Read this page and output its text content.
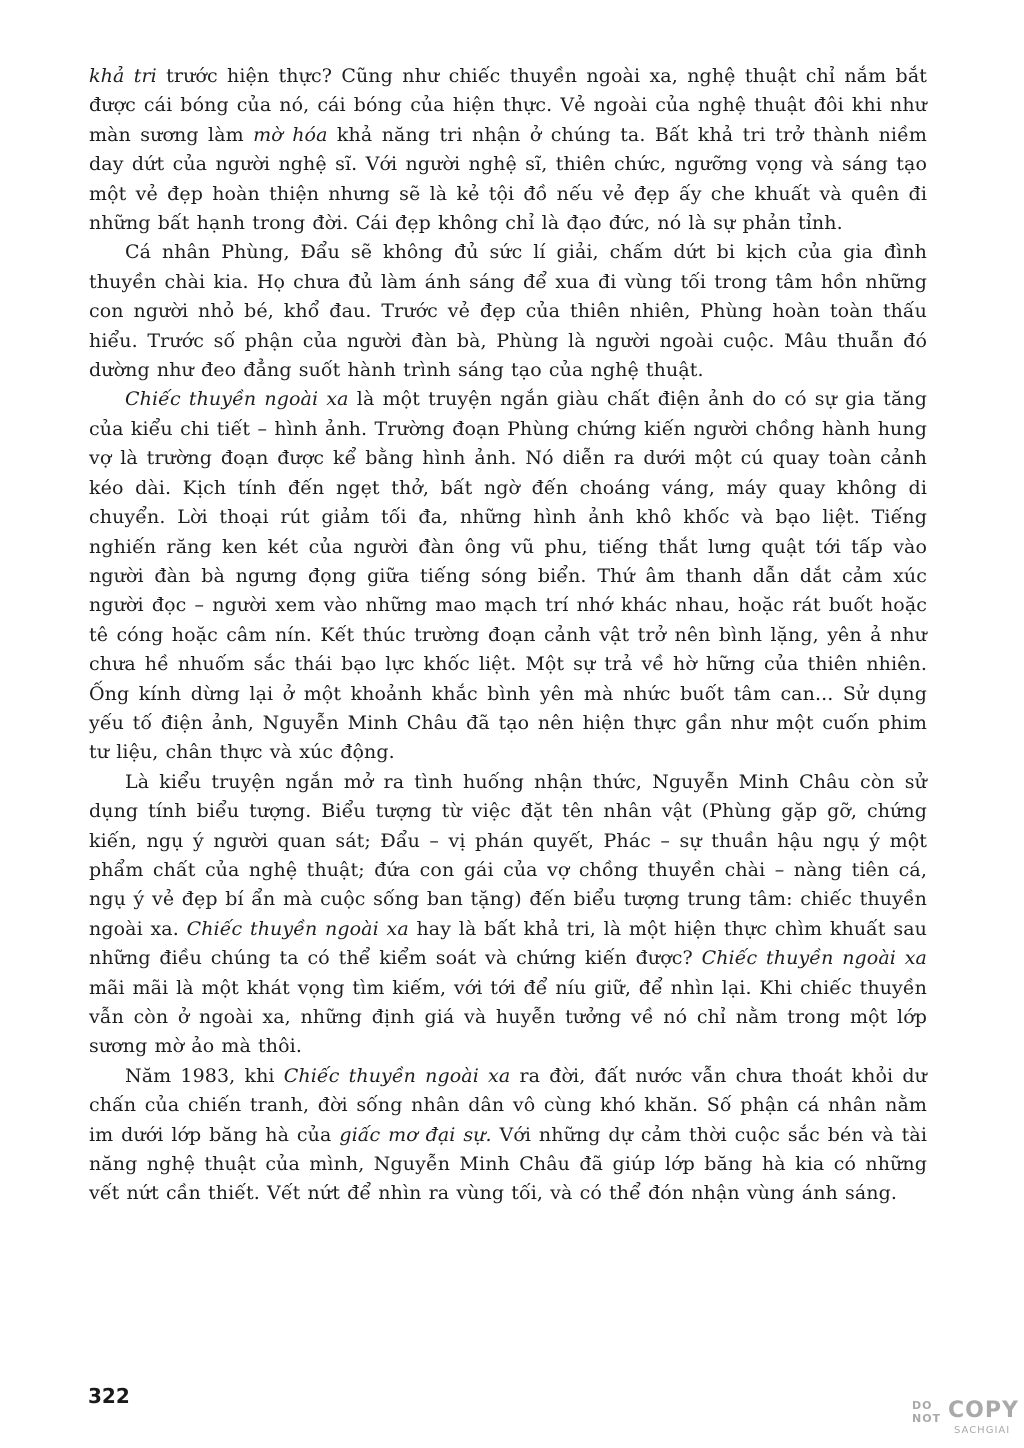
khả tri trước hiện thực? Cũng như chiếc thuyền ngoài xa, nghệ thuật chỉ nắm bắt được cái bóng của nó, cái bóng của hiện thực. Vẻ ngoài của nghệ thuật đôi khi như màn sương làm mờ hóa khả năng tri nhận ở chúng ta. Bất khả tri trở thành niềm day dứt của người nghệ sĩ. Với người nghệ sĩ, thiên chức, ngưỡng vọng và sáng tạo một vẻ đẹp hoàn thiện nhưng sẽ là kẻ tội đồ nếu vẻ đẹp ấy che khuất và quên đi những bất hạnh trong đời. Cái đẹp không chỉ là đạo đức, nó là sự phản tỉnh.

Cá nhân Phùng, Đẩu sẽ không đủ sức lí giải, chấm dứt bi kịch của gia đình thuyền chài kia. Họ chưa đủ làm ánh sáng để xua đi vùng tối trong tâm hồn những con người nhỏ bé, khổ đau. Trước vẻ đẹp của thiên nhiên, Phùng hoàn toàn thấu hiểu. Trước số phận của người đàn bà, Phùng là người ngoài cuộc. Mâu thuẫn đó dường như đeo đẳng suốt hành trình sáng tạo của nghệ thuật.

Chiếc thuyền ngoài xa là một truyện ngắn giàu chất điện ảnh do có sự gia tăng của kiểu chi tiết – hình ảnh. Trường đoạn Phùng chứng kiến người chồng hành hung vợ là trường đoạn được kể bằng hình ảnh. Nó diễn ra dưới một cú quay toàn cảnh kéo dài. Kịch tính đến ngẹt thở, bất ngờ đến choáng váng, máy quay không di chuyển. Lời thoại rút giảm tối đa, những hình ảnh khô khốc và bạo liệt. Tiếng nghiến răng ken két của người đàn ông vũ phu, tiếng thắt lưng quật tới tấp vào người đàn bà ngưng đọng giữa tiếng sóng biển. Thứ âm thanh dẫn dắt cảm xúc người đọc – người xem vào những mao mạch trí nhớ khác nhau, hoặc rát buốt hoặc tê cóng hoặc câm nín. Kết thúc trường đoạn cảnh vật trở nên bình lặng, yên ả như chưa hề nhuốm sắc thái bạo lực khốc liệt. Một sự trả về hờ hững của thiên nhiên. Ống kính dừng lại ở một khoảnh khắc bình yên mà nhức buốt tâm can... Sử dụng yếu tố điện ảnh, Nguyễn Minh Châu đã tạo nên hiện thực gần như một cuốn phim tư liệu, chân thực và xúc động.

Là kiểu truyện ngắn mở ra tình huống nhận thức, Nguyễn Minh Châu còn sử dụng tính biểu tượng. Biểu tượng từ việc đặt tên nhân vật (Phùng gặp gỡ, chứng kiến, ngụ ý người quan sát; Đẩu – vị phán quyết, Phác – sự thuần hậu ngụ ý một phẩm chất của nghệ thuật; đứa con gái của vợ chồng thuyền chài – nàng tiên cá, ngụ ý vẻ đẹp bí ẩn mà cuộc sống ban tặng) đến biểu tượng trung tâm: chiếc thuyền ngoài xa. Chiếc thuyền ngoài xa hay là bất khả tri, là một hiện thực chìm khuất sau những điều chúng ta có thể kiểm soát và chứng kiến được? Chiếc thuyền ngoài xa mãi mãi là một khát vọng tìm kiếm, với tới để níu giữ, để nhìn lại. Khi chiếc thuyền vẫn còn ở ngoài xa, những định giá và huyễn tưởng về nó chỉ nằm trong một lớp sương mờ ảo mà thôi.

Năm 1983, khi Chiếc thuyền ngoài xa ra đời, đất nước vẫn chưa thoát khỏi dư chấn của chiến tranh, đời sống nhân dân vô cùng khó khăn. Số phận cá nhân nằm im dưới lớp băng hà của giấc mơ đại sự. Với những dự cảm thời cuộc sắc bén và tài năng nghệ thuật của mình, Nguyễn Minh Châu đã giúp lớp băng hà kia có những vết nứt cần thiết. Vết nứt để nhìn ra vùng tối, và có thể đón nhận vùng ánh sáng.

322	DO
NOT COPY
SACHGIAI
